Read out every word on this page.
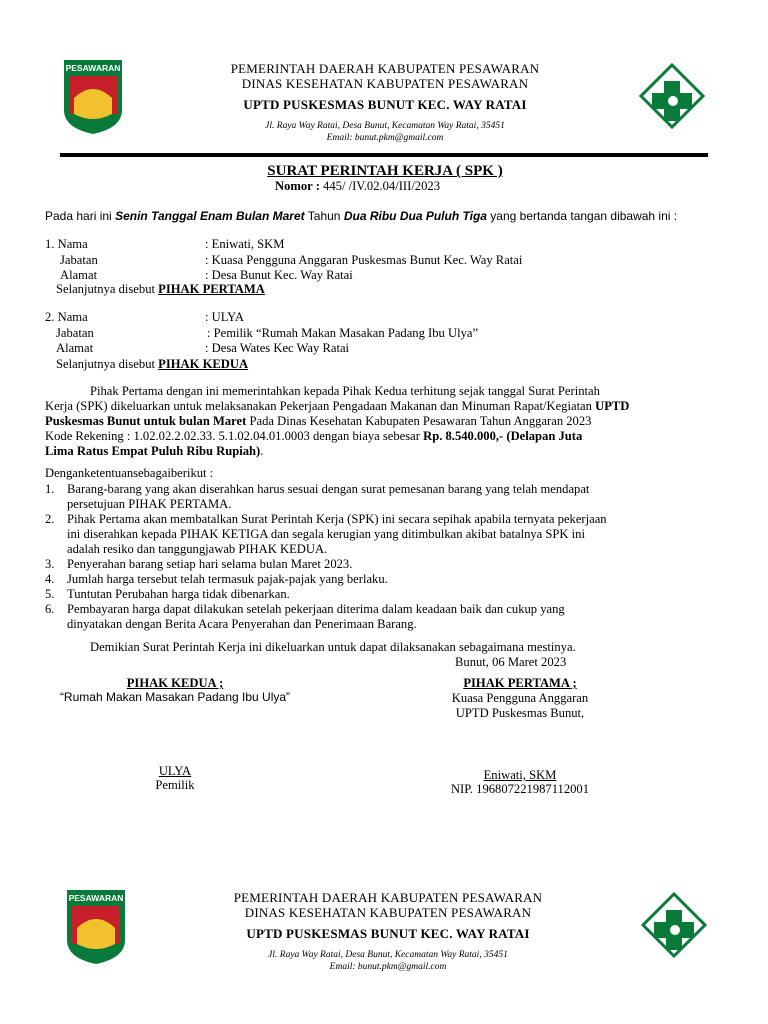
PESAWARAN	PEMERINTAH DAERAH KABUPATEN PESAWARAN
DINAS KESEHATAN KABUPATEN PESAWARAN
UPTD PUSKESMAS BUNUT KEC. WAY RATAI
Jl. Raya Way Ratai, Desa Bunut, Kecamatan Way Ratai, 35451
Email: bunut.pkm@gmail.com
SURAT PERINTAH KERJA ( SPK )
Nomor : 445/ /IV.02.04/III/2023
Pada hari ini Senin Tanggal Enam Bulan Maret Tahun Dua Ribu Dua Puluh Tiga yang bertanda tangan dibawah ini :
1. Nama	: Eniwati, SKM
Jabatan	: Kuasa Pengguna Anggaran Puskesmas Bunut Kec. Way Ratai
Alamat	: Desa Bunut Kec. Way Ratai
Selanjutnya disebut PIHAK PERTAMA
2. Nama	: ULYA
Jabatan	: Pemilik “Rumah Makan Masakan Padang Ibu Ulya”
Alamat	: Desa Wates Kec Way Ratai
Selanjutnya disebut PIHAK KEDUA
Pihak Pertama dengan ini memerintahkan kepada Pihak Kedua terhitung sejak tanggal Surat Perintah
Kerja (SPK) dikeluarkan untuk melaksanakan Pekerjaan Pengadaan Makanan dan Minuman Rapat/Kegiatan UPTD
Puskesmas Bunut untuk bulan Maret Pada Dinas Kesehatan Kabupaten Pesawaran Tahun Anggaran 2023
Kode Rekening : 1.02.02.2.02.33. 5.1.02.04.01.0003 dengan biaya sebesar Rp. 8.540.000,- (Delapan Juta
Lima Ratus Empat Puluh Ribu Rupiah).
Denganketentuansebagaiberikut :
1. Barang-barang yang akan diserahkan harus sesuai dengan surat pemesanan barang yang telah mendapat
persetujuan PIHAK PERTAMA.
2. Pihak Pertama akan membatalkan Surat Perintah Kerja (SPK) ini secara sepihak apabila ternyata pekerjaan
ini diserahkan kepada PIHAK KETIGA dan segala kerugian yang ditimbulkan akibat batalnya SPK ini
adalah resiko dan tanggungjawab PIHAK KEDUA.
3. Penyerahan barang setiap hari selama bulan Maret 2023.
4. Jumlah harga tersebut telah termasuk pajak-pajak yang berlaku.
5. Tuntutan Perubahan harga tidak dibenarkan.
6. Pembayaran harga dapat dilakukan setelah pekerjaan diterima dalam keadaan baik dan cukup yang
dinyatakan dengan Berita Acara Penyerahan dan Penerimaan Barang.
Demikian Surat Perintah Kerja ini dikeluarkan untuk dapat dilaksanakan sebagaimana mestinya.
Bunut, 06 Maret 2023
PIHAK KEDUA ;
“Rumah Makan Masakan Padang Ibu Ulya”
ULYA
Pemilik
PIHAK PERTAMA ;
Kuasa Pengguna Anggaran
UPTD Puskesmas Bunut,
Eniwati, SKM
NIP. 196807221987112001
PESAWARAN	PEMERINTAH DAERAH KABUPATEN PESAWARAN
DINAS KESEHATAN KABUPATEN PESAWARAN
UPTD PUSKESMAS BUNUT KEC. WAY RATAI
Jl. Raya Way Ratai, Desa Bunut, Kecamatan Way Ratai, 35451
Email: bunut.pkm@gmail.com
